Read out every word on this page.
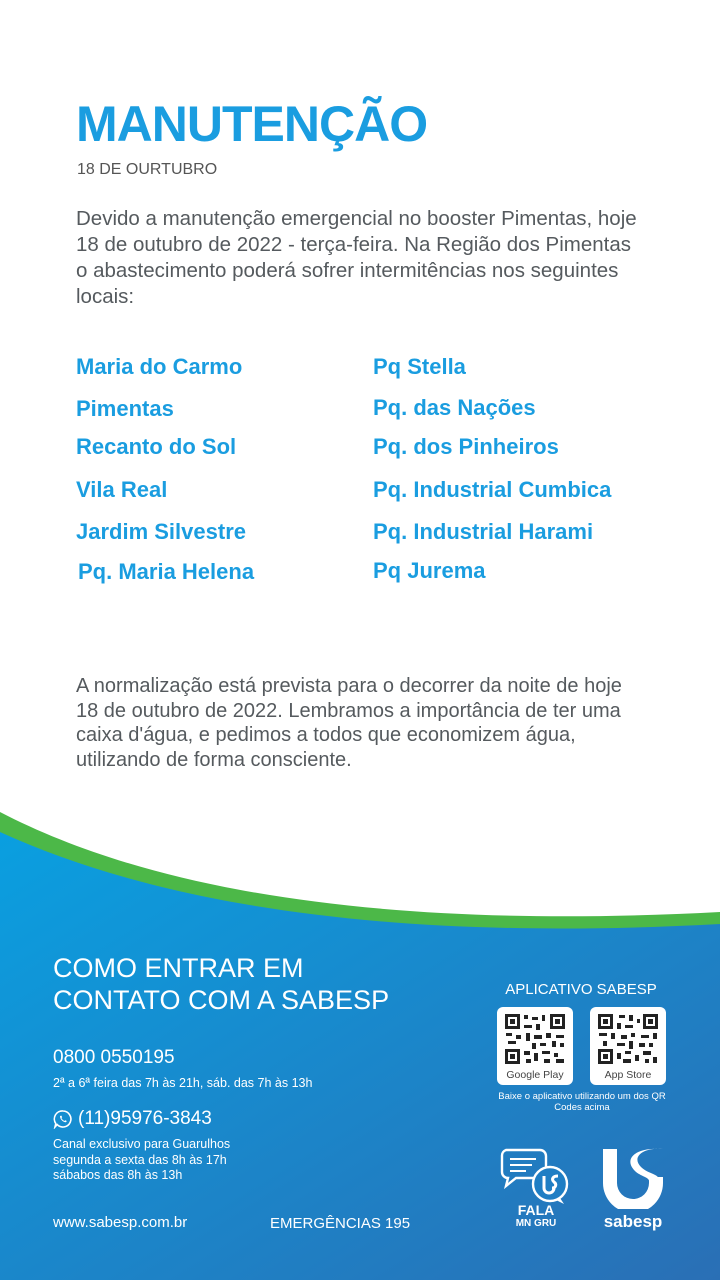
MANUTENÇÃO
18 DE OURTUBRO
Devido a manutenção emergencial no booster Pimentas, hoje 18 de outubro de 2022 - terça-feira. Na Região dos Pimentas o abastecimento poderá sofrer intermitências nos seguintes locais:
Maria do Carmo
Pimentas
Recanto do Sol
Vila Real
Jardim Silvestre
Pq. Maria Helena
Pq Stella
Pq. das Nações
Pq. dos Pinheiros
Pq. Industrial Cumbica
Pq. Industrial Harami
Pq Jurema
A normalização está prevista para o decorrer da noite de hoje 18 de outubro de 2022. Lembramos a importância de ter uma caixa d'água, e pedimos a todos que economizem água, utilizando de forma consciente.
COMO ENTRAR EM
CONTATO COM A SABESP
0800 0550195
2ª a 6ª feira das 7h às 21h, sáb. das 7h às 13h
(11)95976-3843
Canal exclusivo para Guarulhos
segunda a sexta das 8h às 17h
sábabos das 8h às 13h
www.sabesp.com.br	EMERGÊNCIAS 195
APLICATIVO SABESP
Google Play	App Store
Baixe o aplicativo utilizando um dos QR Codes acima
FALA
MN GRU	sabesp
